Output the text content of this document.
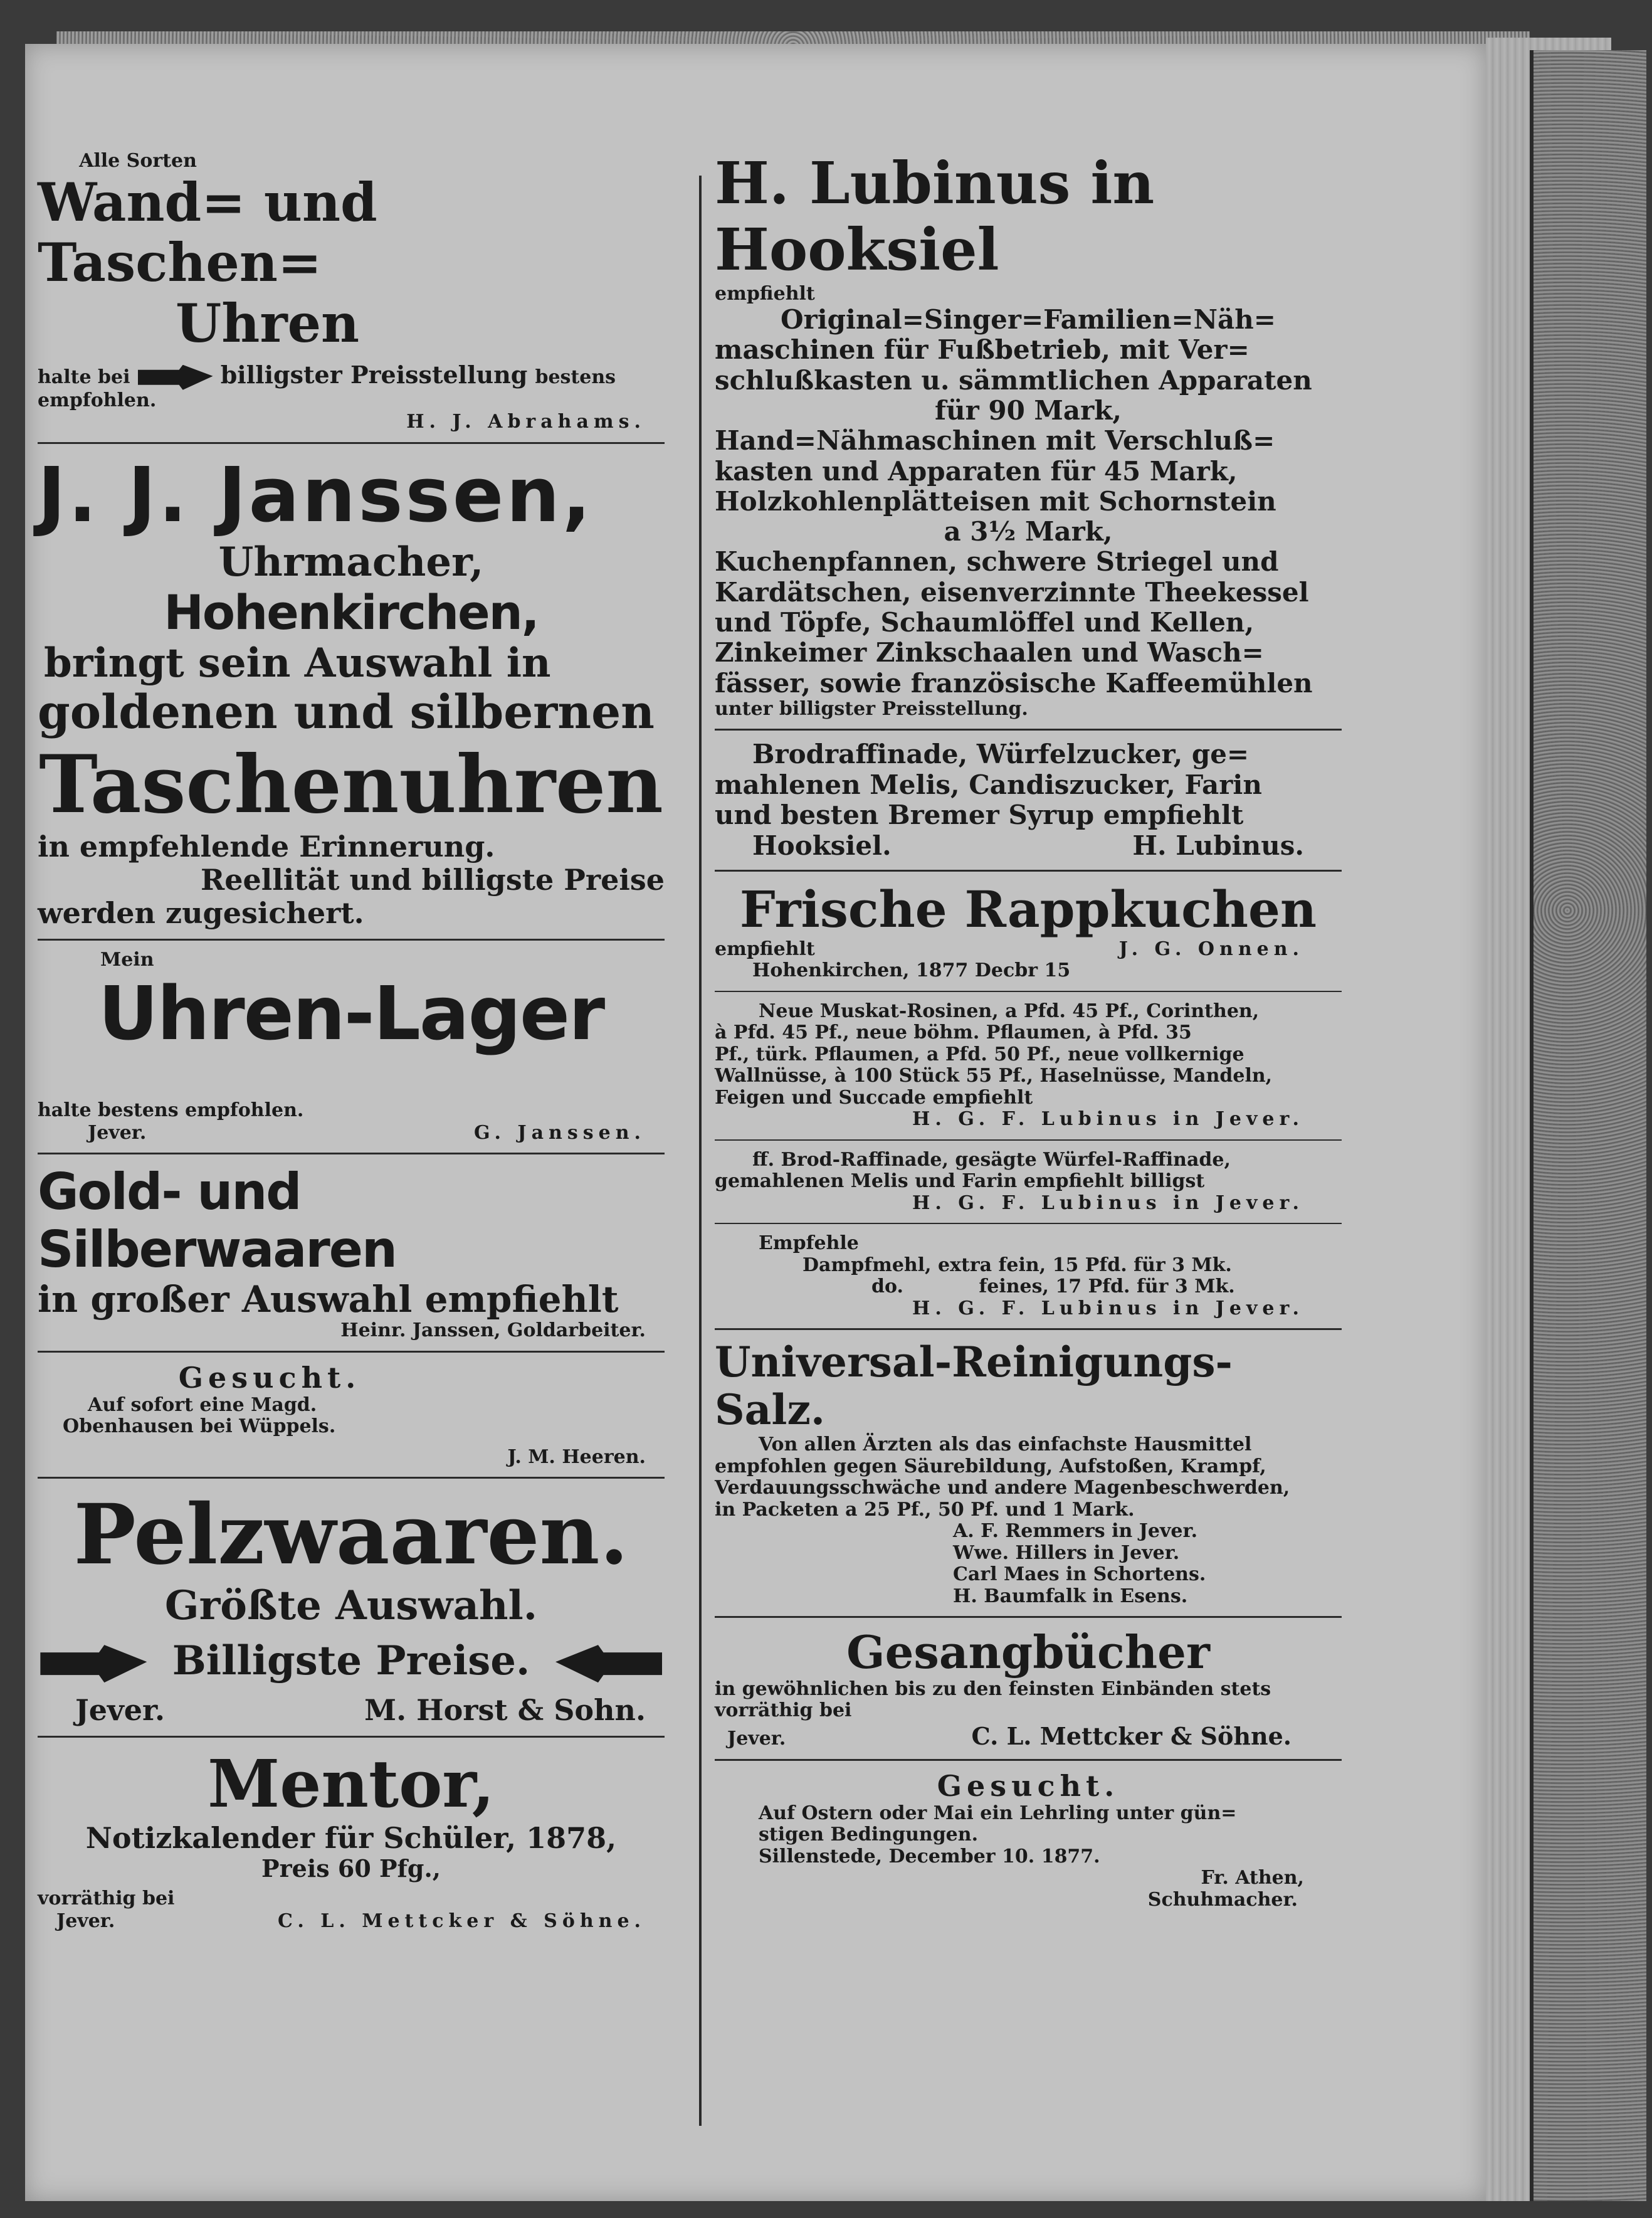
Alle Sorten
Wand= und Taschen=
Uhren
halte bei	billigster Preisstellung bestens
empfohlen.
H. J. Abrahams.
J. J. Janssen,
Uhrmacher,
Hohenkirchen,
bringt sein Auswahl in
goldenen und silbernen
Taschenuhren
in empfehlende Erinnerung.
Reellität und billigste Preise
werden zugesichert.
Mein
Uhren-Lager
halte bestens empfohlen.
Jever.	G. Janssen.
Gold- und Silberwaaren
in großer Auswahl empfiehlt
Heinr. Janssen, Goldarbeiter.
Gesucht.
Auf sofort eine Magd.
Obenhausen bei Wüppels.
J. M. Heeren.
Pelzwaaren.
Größte Auswahl.
Billigste Preise.
Jever.	M. Horst & Sohn.
Mentor,
Notizkalender für Schüler, 1878,
Preis 60 Pfg.,
vorräthig bei
Jever.	C. L. Mettcker & Söhne.
H. Lubinus in Hooksiel
empfiehlt
Original=Singer=Familien=Näh=
maschinen für Fußbetrieb, mit Ver=
schlußkasten u. sämmtlichen Apparaten
für 90 Mark,
Hand=Nähmaschinen mit Verschluß=
kasten und Apparaten für 45 Mark,
Holzkohlenplätteisen mit Schornstein
a 3½ Mark,
Kuchenpfannen, schwere Striegel und
Kardätschen, eisenverzinnte Theekessel
und Töpfe, Schaumlöffel und Kellen,
Zinkeimer Zinkschaalen und Wasch=
fässer, sowie französische Kaffeemühlen
unter billigster Preisstellung.
Brodraffinade, Würfelzucker, ge=
mahlenen Melis, Candiszucker, Farin
und besten Bremer Syrup empfiehlt
Hooksiel.	H. Lubinus.
Frische Rappkuchen
empfiehlt	J. G. Onnen.
Hohenkirchen, 1877 Decbr 15
Neue Muskat-Rosinen, a Pfd. 45 Pf., Corinthen,
à Pfd. 45 Pf., neue böhm. Pflaumen, à Pfd. 35
Pf., türk. Pflaumen, a Pfd. 50 Pf., neue vollkernige
Wallnüsse, à 100 Stück 55 Pf., Haselnüsse, Mandeln,
Feigen und Succade empfiehlt
H. G. F. Lubinus in Jever.
ff. Brod-Raffinade, gesägte Würfel-Raffinade,
gemahlenen Melis und Farin empfiehlt billigst
H. G. F. Lubinus in Jever.
Empfehle
Dampfmehl, extra fein, 15 Pfd. für 3 Mk.
do.	feines, 17 Pfd. für 3 Mk.
H. G. F. Lubinus in Jever.
Universal-Reinigungs-Salz.
Von allen Ärzten als das einfachste Hausmittel
empfohlen gegen Säurebildung, Aufstoßen, Krampf,
Verdauungsschwäche und andere Magenbeschwerden,
in Packeten a 25 Pf., 50 Pf. und 1 Mark.
A. F. Remmers in Jever.
Wwe. Hillers in Jever.
Carl Maes in Schortens.
H. Baumfalk in Esens.
Gesangbücher
in gewöhnlichen bis zu den feinsten Einbänden stets
vorräthig bei
Jever.	C. L. Mettcker & Söhne.
Gesucht.
Auf Ostern oder Mai ein Lehrling unter gün=
stigen Bedingungen.
Sillenstede, December 10. 1877.
Fr. Athen,
Schuhmacher.
